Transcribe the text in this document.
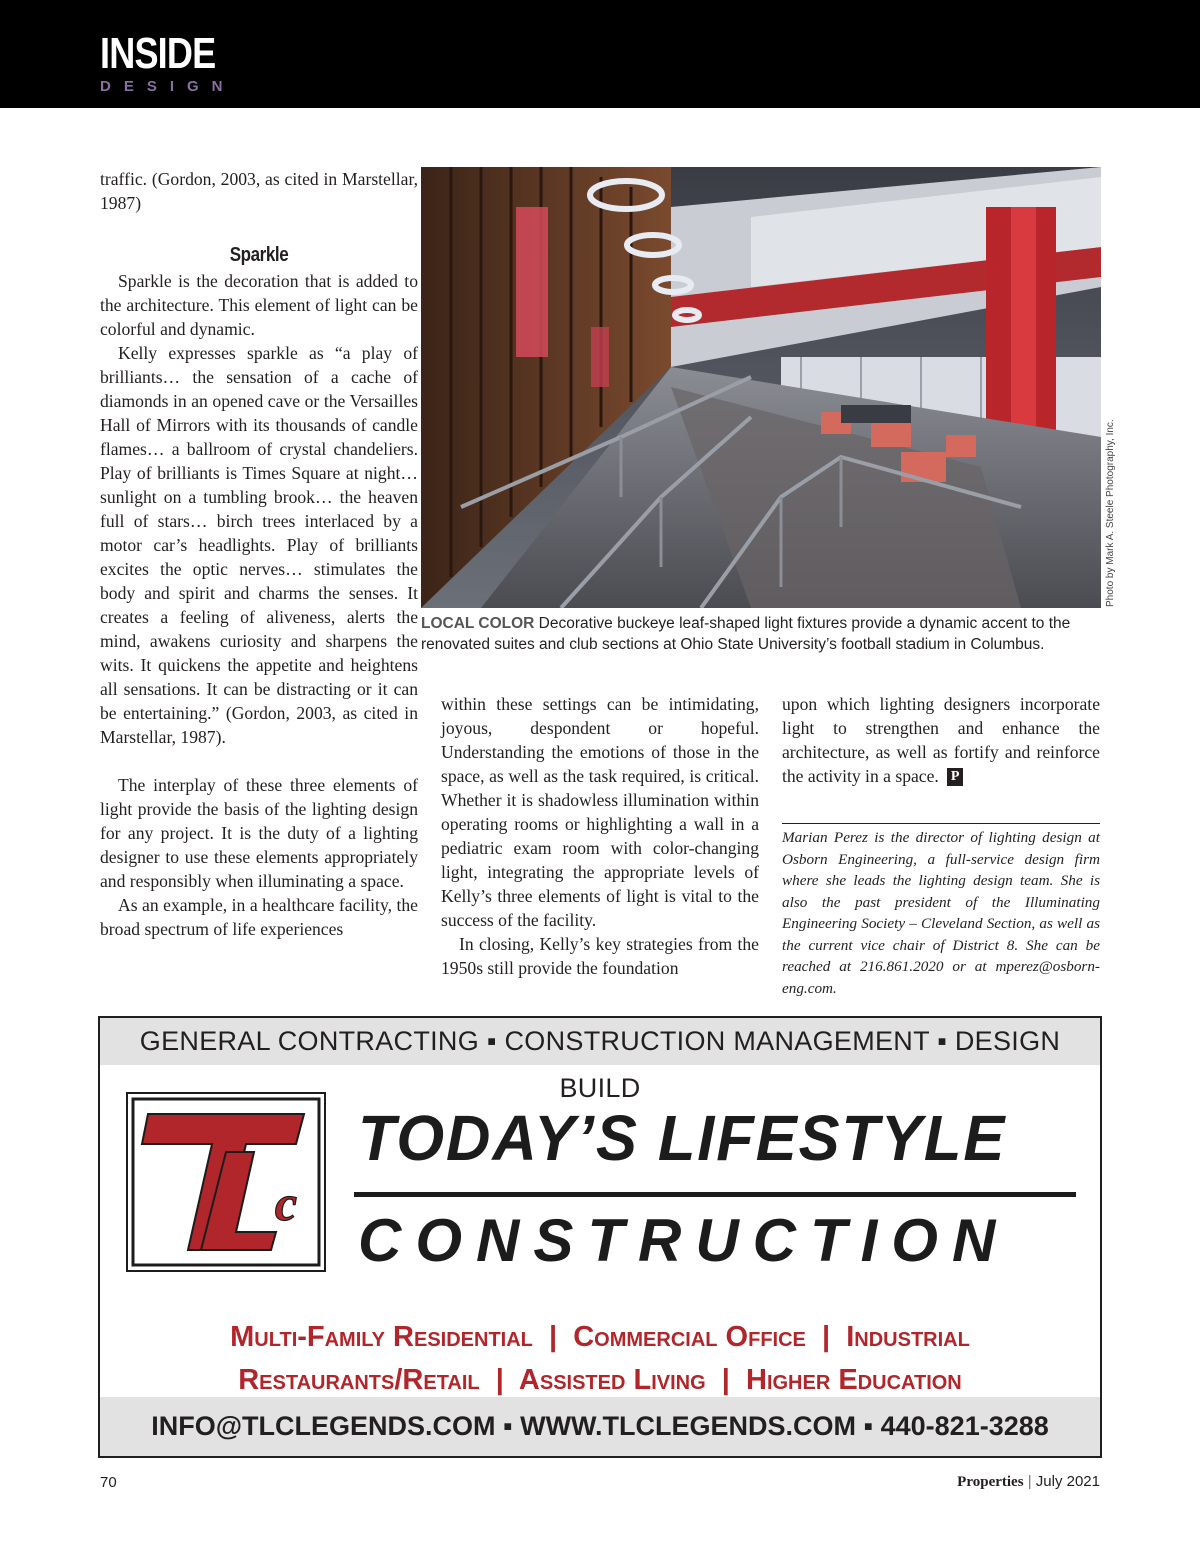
INSIDE
DESIGN

traffic. (Gordon, 2003, as cited in Marstellar, 1987)

Sparkle

Sparkle is the decoration that is added to the architecture. This element of light can be colorful and dynamic.

Kelly expresses sparkle as “a play of brilliants… the sensation of a cache of diamonds in an opened cave or the Versailles Hall of Mirrors with its thousands of candle flames… a ballroom of crystal chandeliers. Play of brilliants is Times Square at night… sunlight on a tumbling brook… the heaven full of stars… birch trees interlaced by a motor car’s headlights. Play of brilliants excites the optic nerves… stimulates the body and spirit and charms the senses. It creates a feeling of aliveness, alerts the mind, awakens curiosity and sharpens the wits. It quickens the appetite and heightens all sensations. It can be distracting or it can be entertaining.” (Gordon, 2003, as cited in Marstellar, 1987).

The interplay of these three elements of light provide the basis of the lighting design for any project. It is the duty of a lighting designer to use these elements appropriately and responsibly when illuminating a space.

As an example, in a healthcare facility, the broad spectrum of life experiences

Photo by Mark A. Steele Photography, Inc.
LOCAL COLOR Decorative buckeye leaf-shaped light fixtures provide a dynamic accent to the renovated suites and club sections at Ohio State University’s football stadium in Columbus.

within these settings can be intimidating, joyous, despondent or hopeful. Understanding the emotions of those in the space, as well as the task required, is critical. Whether it is shadowless illumination within operating rooms or highlighting a wall in a pediatric exam room with color-changing light, integrating the appropriate levels of Kelly’s three elements of light is vital to the success of the facility.

In closing, Kelly’s key strategies from the 1950s still provide the foundation

upon which lighting designers incorporate light to strengthen and enhance the architecture, as well as fortify and reinforce the activity in a space. P

Marian Perez is the director of lighting design at Osborn Engineering, a full-service design firm where she leads the lighting design team. She is also the past president of the Illuminating Engineering Society – Cleveland Section, as well as the current vice chair of District 8. She can be reached at 216.861.2020 or at mperez@osborn-eng.com.
GENERAL CONTRACTING ▪ CONSTRUCTION MANAGEMENT ▪ DESIGN BUILD
c
TODAY’S LIFESTYLE
CONSTRUCTION
Multi-Family Residential  |  Commercial Office  |  Industrial
Restaurants/Retail  |  Assisted Living  |  Higher Education
INFO@TLCLEGENDS.COM ▪ WWW.TLCLEGENDS.COM ▪ 440-821-3288
70	Properties | July 2021
